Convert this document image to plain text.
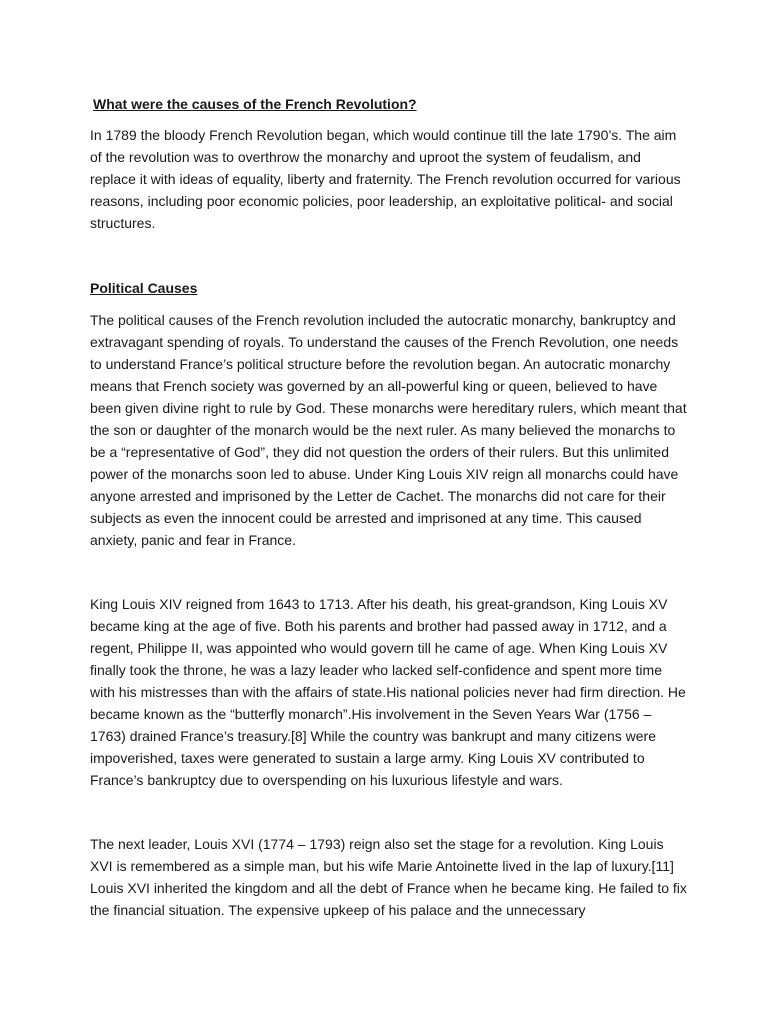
What were the causes of the French Revolution?

In 1789 the bloody French Revolution began, which would continue till the late 1790’s. The aim of the revolution was to overthrow the monarchy and uproot the system of feudalism, and replace it with ideas of equality, liberty and fraternity. The French revolution occurred for various reasons, including poor economic policies, poor leadership, an exploitative political- and social structures.

Political Causes

The political causes of the French revolution included the autocratic monarchy, bankruptcy and extravagant spending of royals. To understand the causes of the French Revolution, one needs to understand France’s political structure before the revolution began. An autocratic monarchy means that French society was governed by an all-powerful king or queen, believed to have been given divine right to rule by God. These monarchs were hereditary rulers, which meant that the son or daughter of the monarch would be the next ruler. As many believed the monarchs to be a “representative of God”, they did not question the orders of their rulers. But this unlimited power of the monarchs soon led to abuse. Under King Louis XIV reign all monarchs could have anyone arrested and imprisoned by the Letter de Cachet. The monarchs did not care for their subjects as even the innocent could be arrested and imprisoned at any time. This caused anxiety, panic and fear in France.

King Louis XIV reigned from 1643 to 1713. After his death, his great-grandson, King Louis XV became king at the age of five. Both his parents and brother had passed away in 1712, and a regent, Philippe II, was appointed who would govern till he came of age. When King Louis XV finally took the throne, he was a lazy leader who lacked self-confidence and spent more time with his mistresses than with the affairs of state.His national policies never had firm direction. He became known as the “butterfly monarch”.His involvement in the Seven Years War (1756 – 1763) drained France’s treasury.[8] While the country was bankrupt and many citizens were impoverished, taxes were generated to sustain a large army. King Louis XV contributed to France’s bankruptcy due to overspending on his luxurious lifestyle and wars.

The next leader, Louis XVI (1774 – 1793) reign also set the stage for a revolution. King Louis XVI is remembered as a simple man, but his wife Marie Antoinette lived in the lap of luxury.[11] Louis XVI inherited the kingdom and all the debt of France when he became king. He failed to fix the financial situation. The expensive upkeep of his palace and the unnecessary
